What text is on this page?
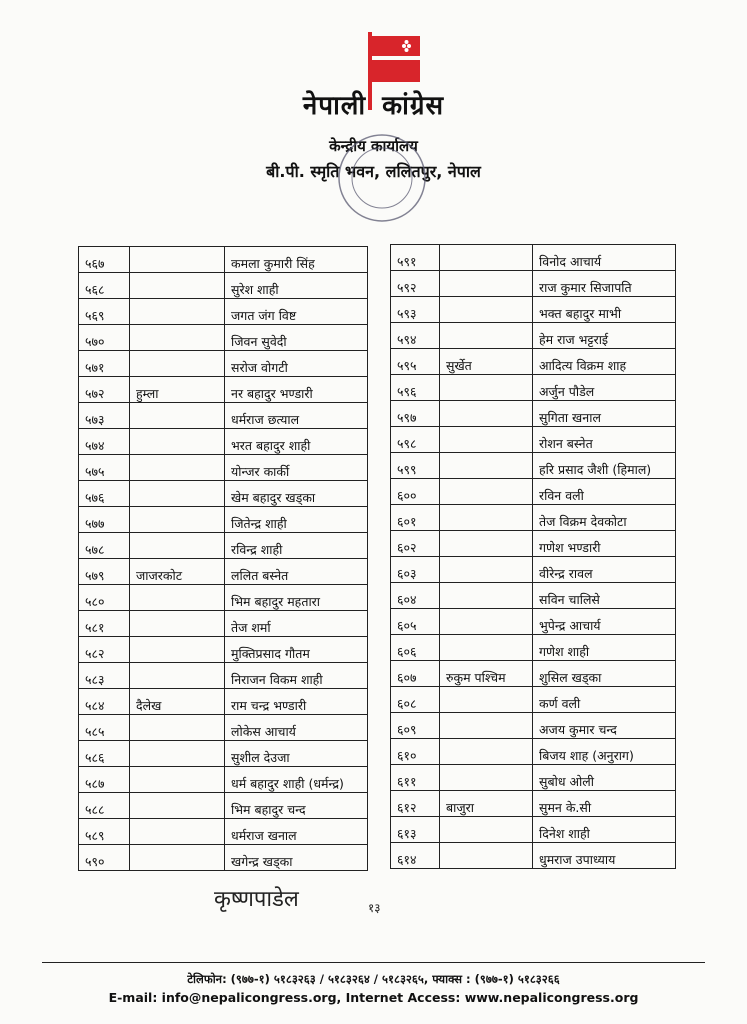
नेपाली कांग्रेस
केन्द्रीय कार्यालय
बी.पी. स्मृति भवन, ललितपुर, नेपाल
५६७		कमला कुमारी सिंह
५६८		सुरेश शाही
५६९		जगत जंग विष्ट
५७०		जिवन सुवेदी
५७१		सरोज वोगटी
५७२	हुम्ला	नर बहादुर भण्डारी
५७३		धर्मराज छत्याल
५७४		भरत बहादुर शाही
५७५		योन्जर कार्की
५७६		खेम बहादुर खड्का
५७७		जितेन्द्र शाही
५७८		रविन्द्र शाही
५७९	जाजरकोट	ललित बस्नेत
५८०		भिम बहादुर महतारा
५८१		तेज शर्मा
५८२		मुक्तिप्रसाद गौतम
५८३		निराजन विकम शाही
५८४	दैलेख	राम चन्द्र भण्डारी
५८५		लोकेस आचार्य
५८६		सुशील देउजा
५८७		धर्म बहादुर शाही (धर्मन्द्र)
५८८		भिम बहादुर चन्द
५८९		धर्मराज खनाल
५९०		खगेन्द्र खड्का
५९१		विनोद आचार्य
५९२		राज कुमार सिजापति
५९३		भक्त बहादुर माभी
५९४		हेम राज भट्टराई
५९५	सुर्खेत	आदित्य विक्रम शाह
५९६		अर्जुन पौडेल
५९७		सुगिता खनाल
५९८		रोशन बस्नेत
५९९		हरि प्रसाद जैशी (हिमाल)
६००		रविन वली
६०१		तेज विक्रम देवकोटा
६०२		गणेश भण्डारी
६०३		वीरेन्द्र रावल
६०४		सविन चालिसे
६०५		भुपेन्द्र आचार्य
६०६		गणेश शाही
६०७	रुकुम पश्चिम	शुसिल खड्का
६०८		कर्ण वली
६०९		अजय कुमार चन्द
६१०		बिजय शाह (अनुराग)
६११		सुबोध ओली
६१२	बाजुरा	सुमन के.सी
६१३		दिनेश शाही
६१४		धुमराज उपाध्याय
कृष्णपाडेल	१३
टेलिफोन: (९७७-१) ५१८३२६३ / ५१८३२६४ / ५१८३२६५, फ्याक्स : (९७७-१) ५१८३२६६
E-mail: info@nepalicongress.org, Internet Access: www.nepalicongress.org
